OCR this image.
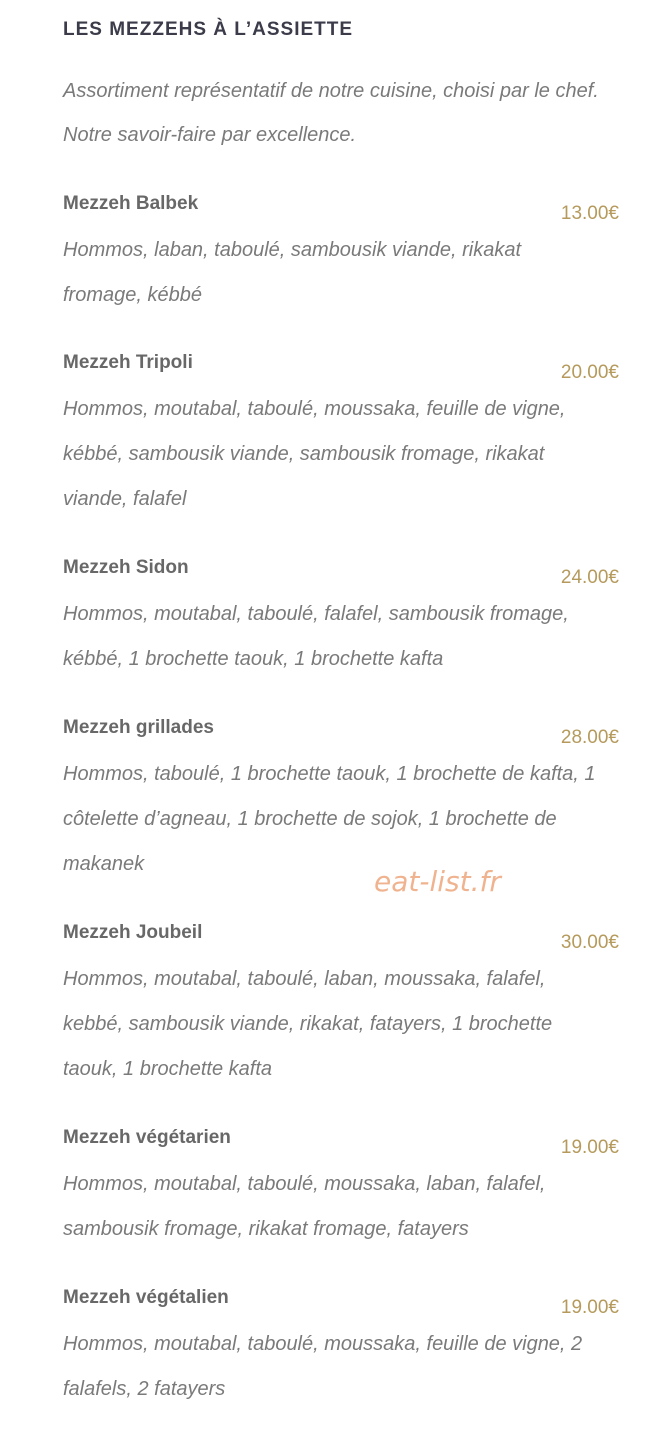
LES MEZZEHS À L’ASSIETTE

Assortiment représentatif de notre cuisine, choisi par le chef. Notre savoir-faire par excellence.

Mezzeh Balbek	13.00€

Hommos, laban, taboulé, sambousik viande, rikakat fromage, kébbé

Mezzeh Tripoli	20.00€

Hommos, moutabal, taboulé, moussaka, feuille de vigne, kébbé, sambousik viande, sambousik fromage, rikakat viande, falafel

Mezzeh Sidon	24.00€

Hommos, moutabal, taboulé, falafel, sambousik fromage, kébbé, 1 brochette taouk, 1 brochette kafta

Mezzeh grillades	28.00€

Hommos, taboulé, 1 brochette taouk, 1 brochette de kafta, 1 côtelette d’agneau, 1 brochette de sojok, 1 brochette de makanek

Mezzeh Joubeil	30.00€

Hommos, moutabal, taboulé, laban, moussaka, falafel, kebbé, sambousik viande, rikakat, fatayers, 1 brochette taouk, 1 brochette kafta

Mezzeh végétarien	19.00€

Hommos, moutabal, taboulé, moussaka, laban, falafel, sambousik fromage, rikakat fromage, fatayers

Mezzeh végétalien	19.00€

Hommos, moutabal, taboulé, moussaka, feuille de vigne, 2 falafels, 2 fatayers

eat-list.fr
